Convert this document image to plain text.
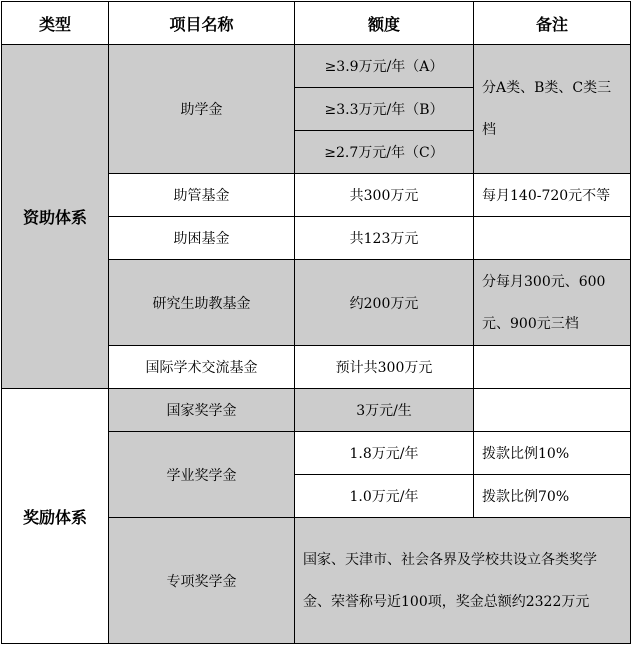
类型	项目名称	额度	备注
资助体系	助学金	≥3.9万元/年（A）	分A类、B类、C类三档
		≥3.3万元/年（B）	
		≥2.7万元/年（C）	
	助管基金	共300万元	每月140-720元不等
	助困基金	共123万元	
	研究生助教基金	约200万元	分每月300元、600元、900元三档
	国际学术交流基金	预计共300万元	
奖励体系	国家奖学金	3万元/生	
	学业奖学金	1.8万元/年	拨款比例10%
		1.0万元/年	拨款比例70%
	专项奖学金	国家、天津市、社会各界及学校共设立各类奖学金、荣誉称号近100项，奖金总额约2322万元	
